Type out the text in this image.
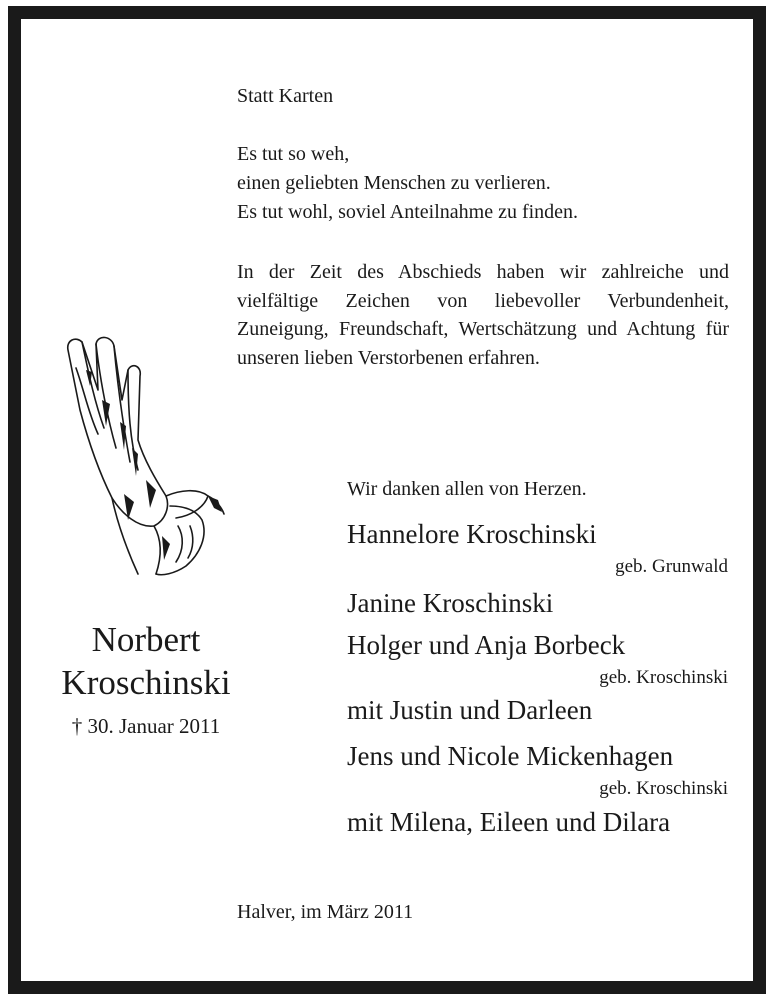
Statt Karten
Es tut so weh,
einen geliebten Menschen zu verlieren.
Es tut wohl, soviel Anteilnahme zu finden.
In der Zeit des Abschieds haben wir zahlreiche und vielfältige Zeichen von liebevoller Verbundenheit, Zuneigung, Freundschaft, Wertschätzung und Achtung für unseren lieben Verstorbenen erfahren.
Wir danken allen von Herzen.
Norbert
Kroschinski
† 30. Januar 2011
Hannelore Kroschinski
geb. Grunwald
Janine Kroschinski
Holger und Anja Borbeck
geb. Kroschinski
mit Justin und Darleen
Jens und Nicole Mickenhagen
geb. Kroschinski
mit Milena, Eileen und Dilara
Halver, im März 2011
